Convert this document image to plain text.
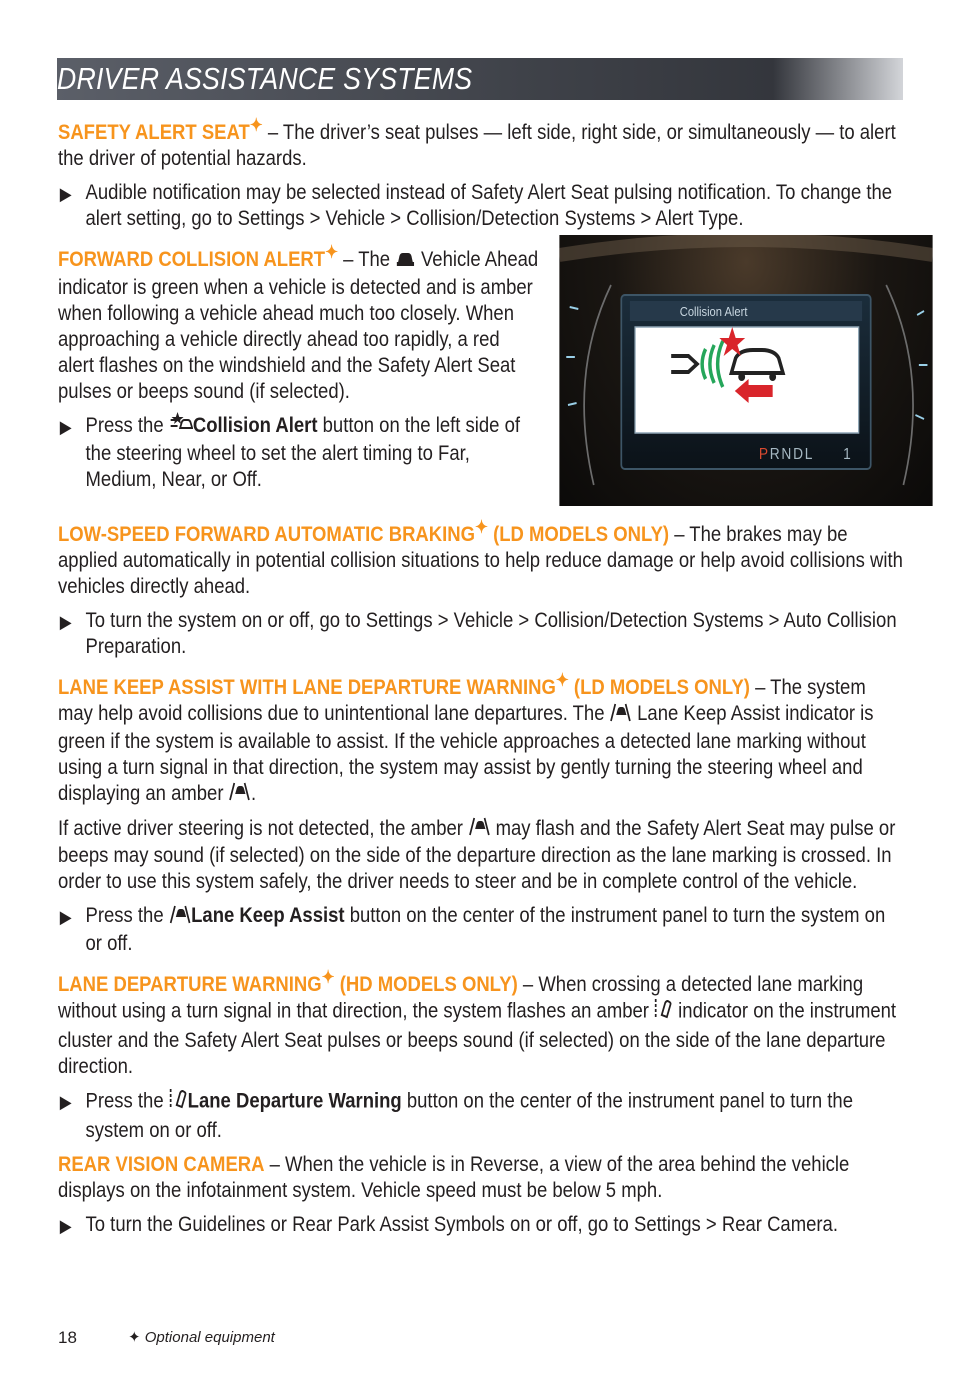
DRIVER ASSISTANCE SYSTEMS

SAFETY ALERT SEAT✦ – The driver’s seat pulses — left side, right side, or simultaneously — to alert the driver of potential hazards.

▶ Audible notification may be selected instead of Safety Alert Seat pulsing notification. To change the alert setting, go to Settings > Vehicle > Collision/Detection Systems > Alert Type.

Collision Alert
PRNDL 1

FORWARD COLLISION ALERT✦ – The  Vehicle Ahead indicator is green when a vehicle is detected and is amber when following a vehicle ahead much too closely. When approaching a vehicle directly ahead too rapidly, a red alert flashes on the windshield and the Safety Alert Seat pulses or beeps sound (if selected).

▶ Press the Collision Alert button on the left side of the steering wheel to set the alert timing to Far, Medium, Near, or Off.

LOW-SPEED FORWARD AUTOMATIC BRAKING✦ (LD MODELS ONLY) – The brakes may be applied automatically in potential collision situations to help reduce damage or help avoid collisions with vehicles directly ahead.

▶ To turn the system on or off, go to Settings > Vehicle > Collision/Detection Systems > Auto Collision Preparation.

LANE KEEP ASSIST WITH LANE DEPARTURE WARNING✦ (LD MODELS ONLY) – The system may help avoid collisions due to unintentional lane departures. The  Lane Keep Assist indicator is green if the system is available to assist. If the vehicle approaches a detected lane marking without using a turn signal in that direction, the system may assist by gently turning the steering wheel and displaying an amber .

If active driver steering is not detected, the amber  may flash and the Safety Alert Seat may pulse or beeps may sound (if selected) on the side of the departure direction as the lane marking is crossed. In order to use this system safely, the driver needs to steer and be in complete control of the vehicle.

▶ Press the Lane Keep Assist button on the center of the instrument panel to turn the system on or off.

LANE DEPARTURE WARNING✦ (HD MODELS ONLY) – When crossing a detected lane marking without using a turn signal in that direction, the system flashes an amber  indicator on the instrument cluster and the Safety Alert Seat pulses or beeps sound (if selected) on the side of the lane departure direction.

▶ Press the Lane Departure Warning button on the center of the instrument panel to turn the system on or off.

REAR VISION CAMERA – When the vehicle is in Reverse, a view of the area behind the vehicle displays on the infotainment system. Vehicle speed must be below 5 mph.

▶ To turn the Guidelines or Rear Park Assist Symbols on or off, go to Settings > Rear Camera.

18	✦ Optional equipment
